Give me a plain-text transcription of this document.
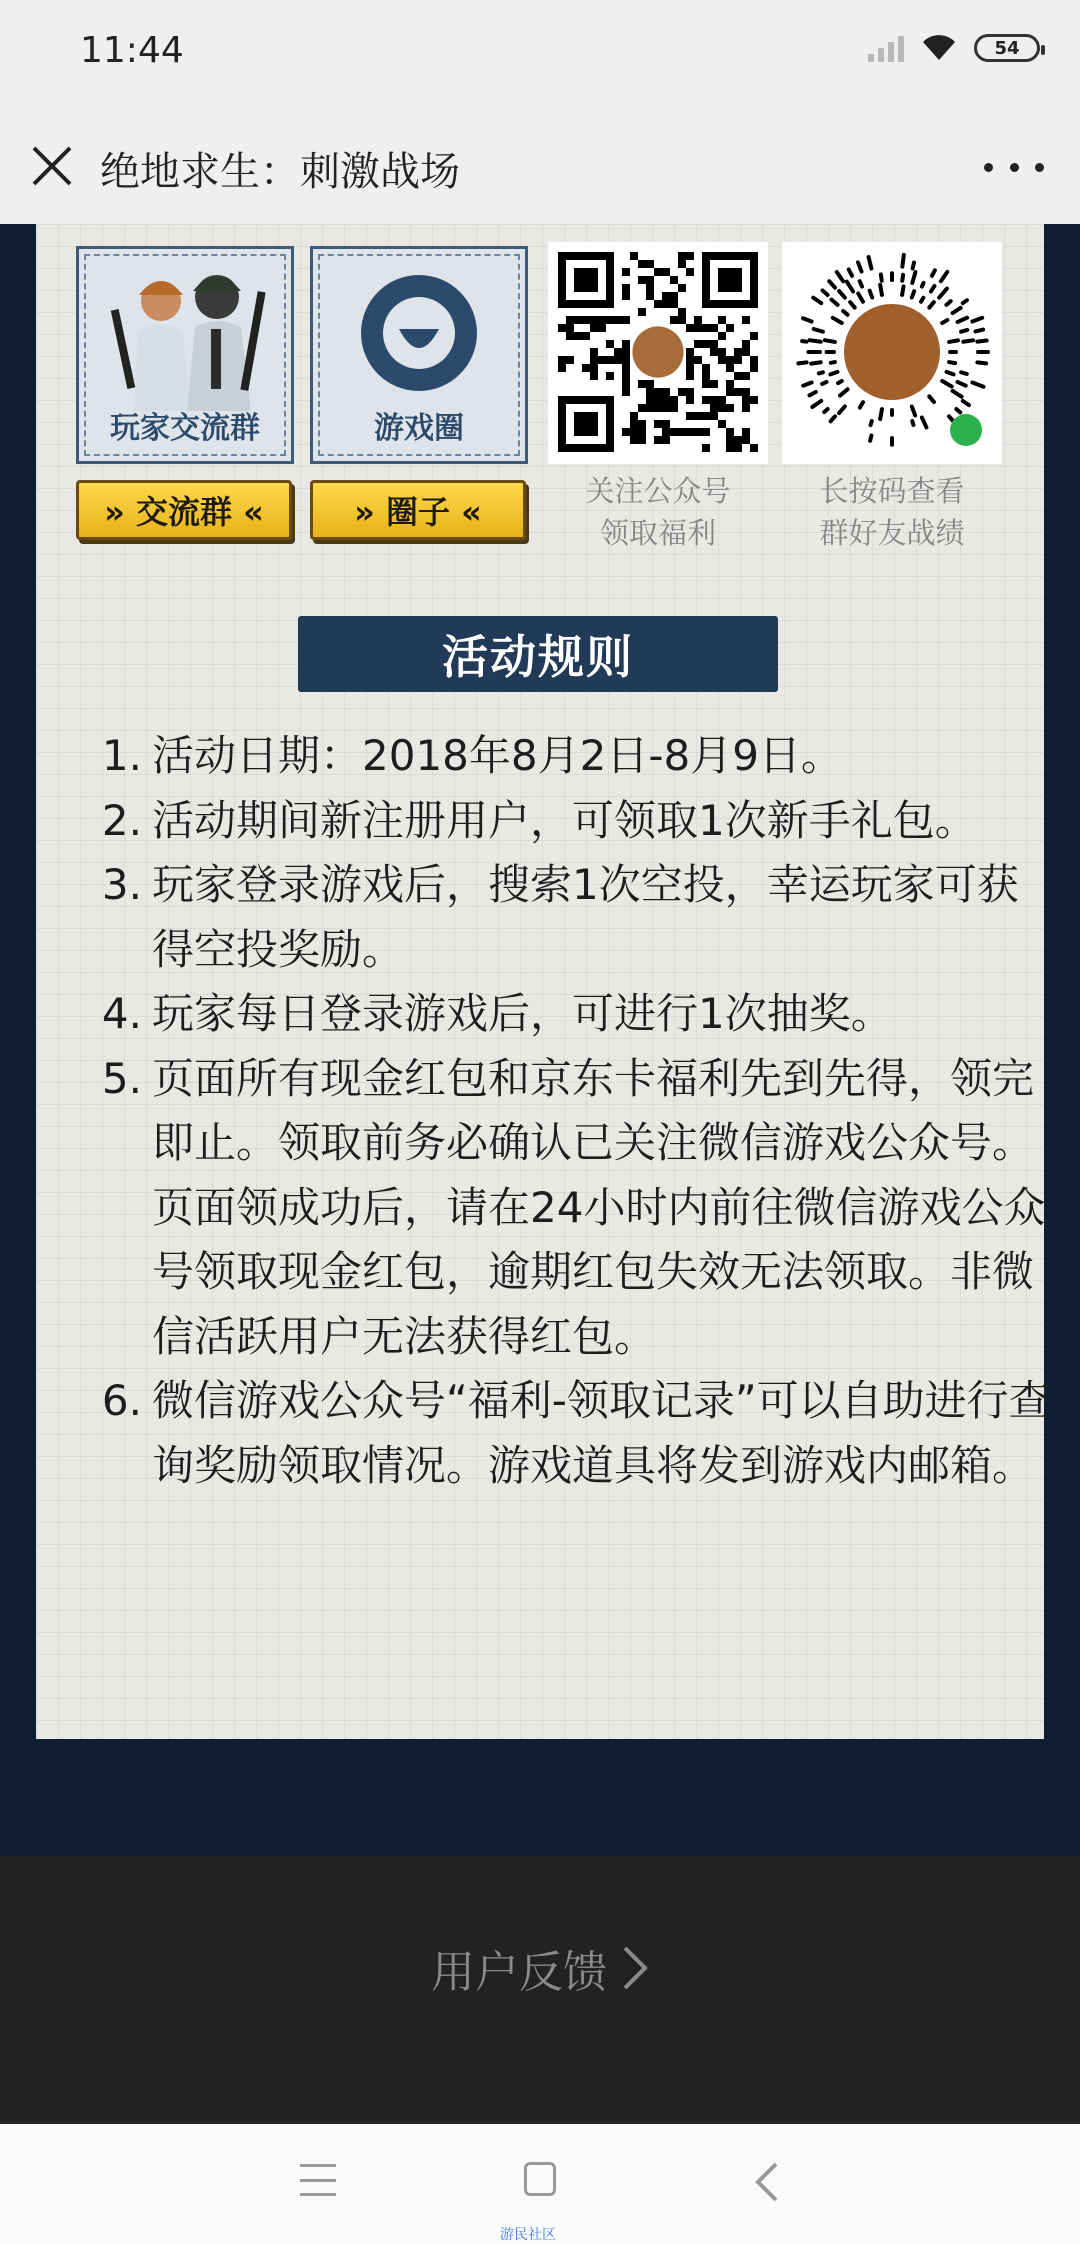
11:44	54
绝地求生：刺激战场
玩家交流群	游戏圈
» 交流群 «	» 圈子 «
关注公众号
领取福利
长按码查看
群好友战绩
活动规则
1. 活动日期：2018年8月2日-8月9日。
2. 活动期间新注册用户，可领取1次新手礼包。
3. 玩家登录游戏后，搜索1次空投，幸运玩家可获得空投奖励。
4. 玩家每日登录游戏后，可进行1次抽奖。
5. 页面所有现金红包和京东卡福利先到先得，领完即止。领取前务必确认已关注微信游戏公众号。页面领成功后，请在24小时内前往微信游戏公众号领取现金红包，逾期红包失效无法领取。非微信活跃用户无法获得红包。
6. 微信游戏公众号“福利-领取记录”可以自助进行查询奖励领取情况。游戏道具将发到游戏内邮箱。
用户反馈
游民社区
